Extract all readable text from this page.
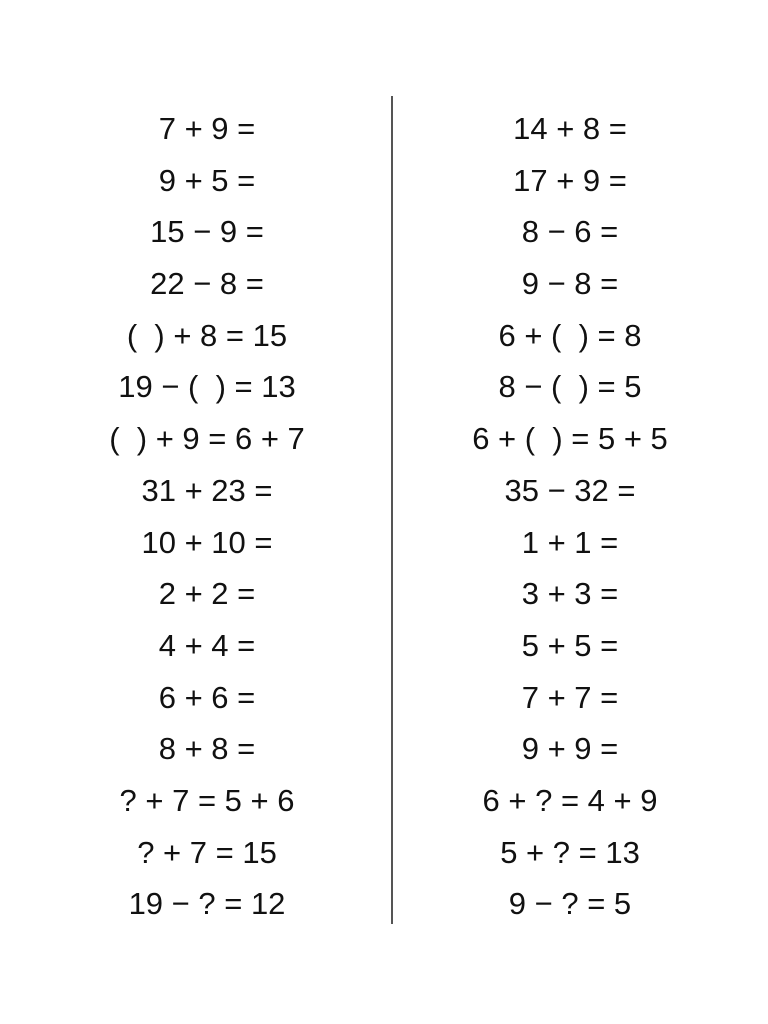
7 + 9 =
9 + 5 =
15 − 9 =
22 − 8 =
(  ) + 8 = 15
19 − (  ) = 13
(  ) + 9 = 6 + 7
31 + 23 =
10 + 10 =
2 + 2 =
4 + 4 =
6 + 6 =
8 + 8 =
? + 7 = 5 + 6
? + 7 = 15
19 − ? = 12
14 + 8 =
17 + 9 =
8 − 6 =
9 − 8 =
6 + (  ) = 8
8 − (  ) = 5
6 + (  ) = 5 + 5
35 − 32 =
1 + 1 =
3 + 3 =
5 + 5 =
7 + 7 =
9 + 9 =
6 + ? = 4 + 9
5 + ? = 13
9 − ? = 5
